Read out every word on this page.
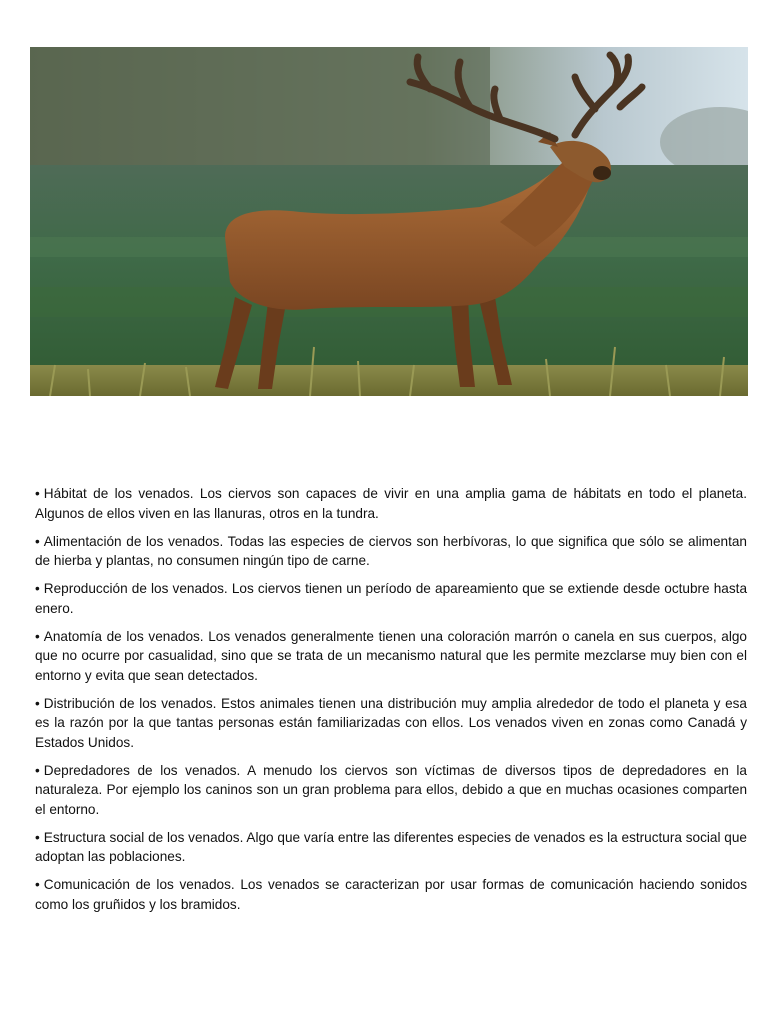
• Hábitat de los venados. Los ciervos son capaces de vivir en una amplia gama de hábitats en todo el planeta. Algunos de ellos viven en las llanuras, otros en la tundra.

• Alimentación de los venados. Todas las especies de ciervos son herbívoras, lo que significa que sólo se alimentan de hierba y plantas, no consumen ningún tipo de carne.

• Reproducción de los venados. Los ciervos tienen un período de apareamiento que se extiende desde octubre hasta enero.

• Anatomía de los venados. Los venados generalmente tienen una coloración marrón o canela en sus cuerpos, algo que no ocurre por casualidad, sino que se trata de un mecanismo natural que les permite mezclarse muy bien con el entorno y evita que sean detectados.

• Distribución de los venados. Estos animales tienen una distribución muy amplia alrededor de todo el planeta y esa es la razón por la que tantas personas están familiarizadas con ellos. Los venados viven en zonas como Canadá y Estados Unidos.

• Depredadores de los venados. A menudo los ciervos son víctimas de diversos tipos de depredadores en la naturaleza. Por ejemplo los caninos son un gran problema para ellos, debido a que en muchas ocasiones comparten el entorno.

• Estructura social de los venados. Algo que varía entre las diferentes especies de venados es la estructura social que adoptan las poblaciones.

• Comunicación de los venados. Los venados se caracterizan por usar formas de comunicación haciendo sonidos como los gruñidos y los bramidos.
